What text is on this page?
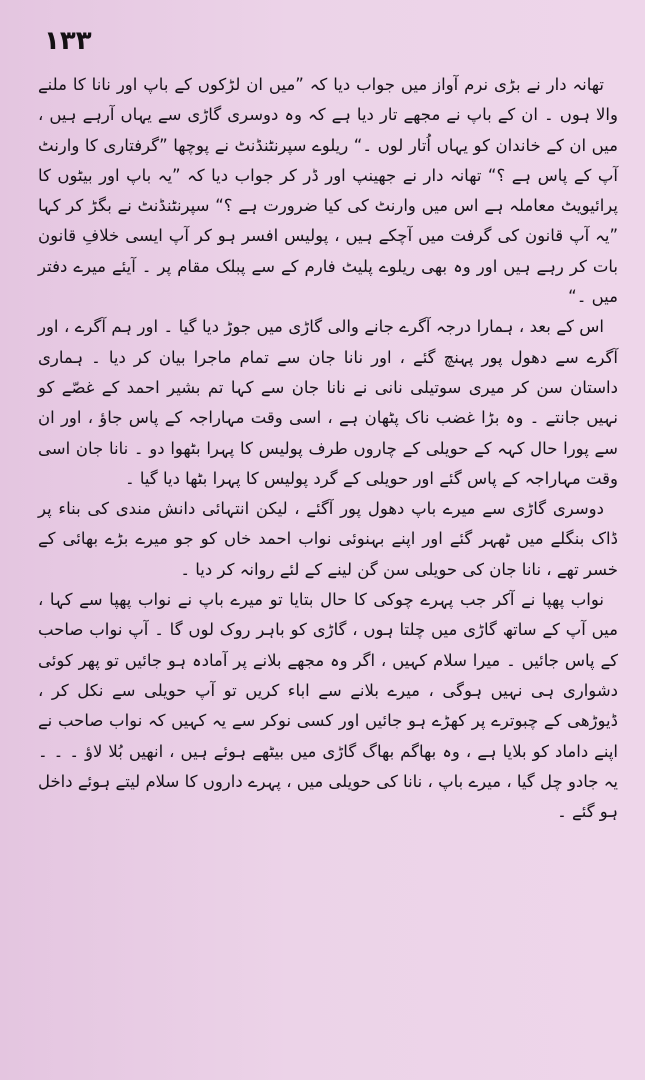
۱۳۳

تھانہ دار نے بڑی نرم آواز میں جواب دیا کہ ”میں ان لڑکوں کے باپ اور نانا کا ملنے والا ہوں ۔ ان کے باپ نے مجھے تار دیا ہے کہ وہ دوسری گاڑی سے یہاں آرہے ہیں ، میں ان کے خاندان کو یہاں اُتار لوں ۔“ ریلوے سپرنٹنڈنٹ نے پوچھا ”گرفتاری کا وارنٹ آپ کے پاس ہے ؟“ تھانہ دار نے جھینپ اور ڈر کر جواب دیا کہ ”یہ باپ اور بیٹوں کا پرائیویٹ معاملہ ہے اس میں وارنٹ کی کیا ضرورت ہے ؟“ سپرنٹنڈنٹ نے بگڑ کر کہا ”یہ آپ قانون کی گرفت میں آچکے ہیں ، پولیس افسر ہو کر آپ ایسی خلافِ قانون بات کر رہے ہیں اور وہ بھی ریلوے پلیٹ فارم کے سے پبلک مقام پر ۔ آیئے میرے دفتر میں ۔“

اس کے بعد ، ہمارا درجہ آگرے جانے والی گاڑی میں جوڑ دیا گیا ۔ اور ہم آگرے ، اور آگرے سے دھول پور پہنچ گئے ، اور نانا جان سے تمام ماجرا بیان کر دیا ۔ ہماری داستان سن کر میری سوتیلی نانی نے نانا جان سے کہا تم بشیر احمد کے غصّے کو نہیں جانتے ۔ وہ بڑا غضب ناک پٹھان ہے ، اسی وقت مہاراجہ کے پاس جاؤ ، اور ان سے پورا حال کہہ کے حویلی کے چاروں طرف پولیس کا پہرا بٹھوا دو ۔ نانا جان اسی وقت مہاراجہ کے پاس گئے اور حویلی کے گرد پولیس کا پہرا بٹھا دیا گیا ۔

دوسری گاڑی سے میرے باپ دھول پور آگئے ، لیکن انتہائی دانش مندی کی بناء پر ڈاک بنگلے میں ٹھہر گئے اور اپنے بہنوئی نواب احمد خاں کو جو میرے بڑے بھائی کے خسر تھے ، نانا جان کی حویلی سن گن لینے کے لئے روانہ کر دیا ۔

نواب پھپا نے آکر جب پہرے چوکی کا حال بتایا تو میرے باپ نے نواب پھپا سے کہا ، میں آپ کے ساتھ گاڑی میں چلتا ہوں ، گاڑی کو باہر روک لوں گا ۔ آپ نواب صاحب کے پاس جائیں ۔ میرا سلام کہیں ، اگر وہ مجھے بلانے پر آمادہ ہو جائیں تو پھر کوئی دشواری ہی نہیں ہوگی ، میرے بلانے سے اباء کریں تو آپ حویلی سے نکل کر ، ڈیوڑھی کے چبوترے پر کھڑے ہو جائیں اور کسی نوکر سے یہ کہیں کہ نواب صاحب نے اپنے داماد کو بلایا ہے ، وہ بھاگم بھاگ گاڑی میں بیٹھے ہوئے ہیں ، انھیں بُلا لاؤ ۔ ۔ ۔ یہ جادو چل گیا ، میرے باپ ، نانا کی حویلی میں ، پہرے داروں کا سلام لیتے ہوئے داخل ہو گئے ۔
